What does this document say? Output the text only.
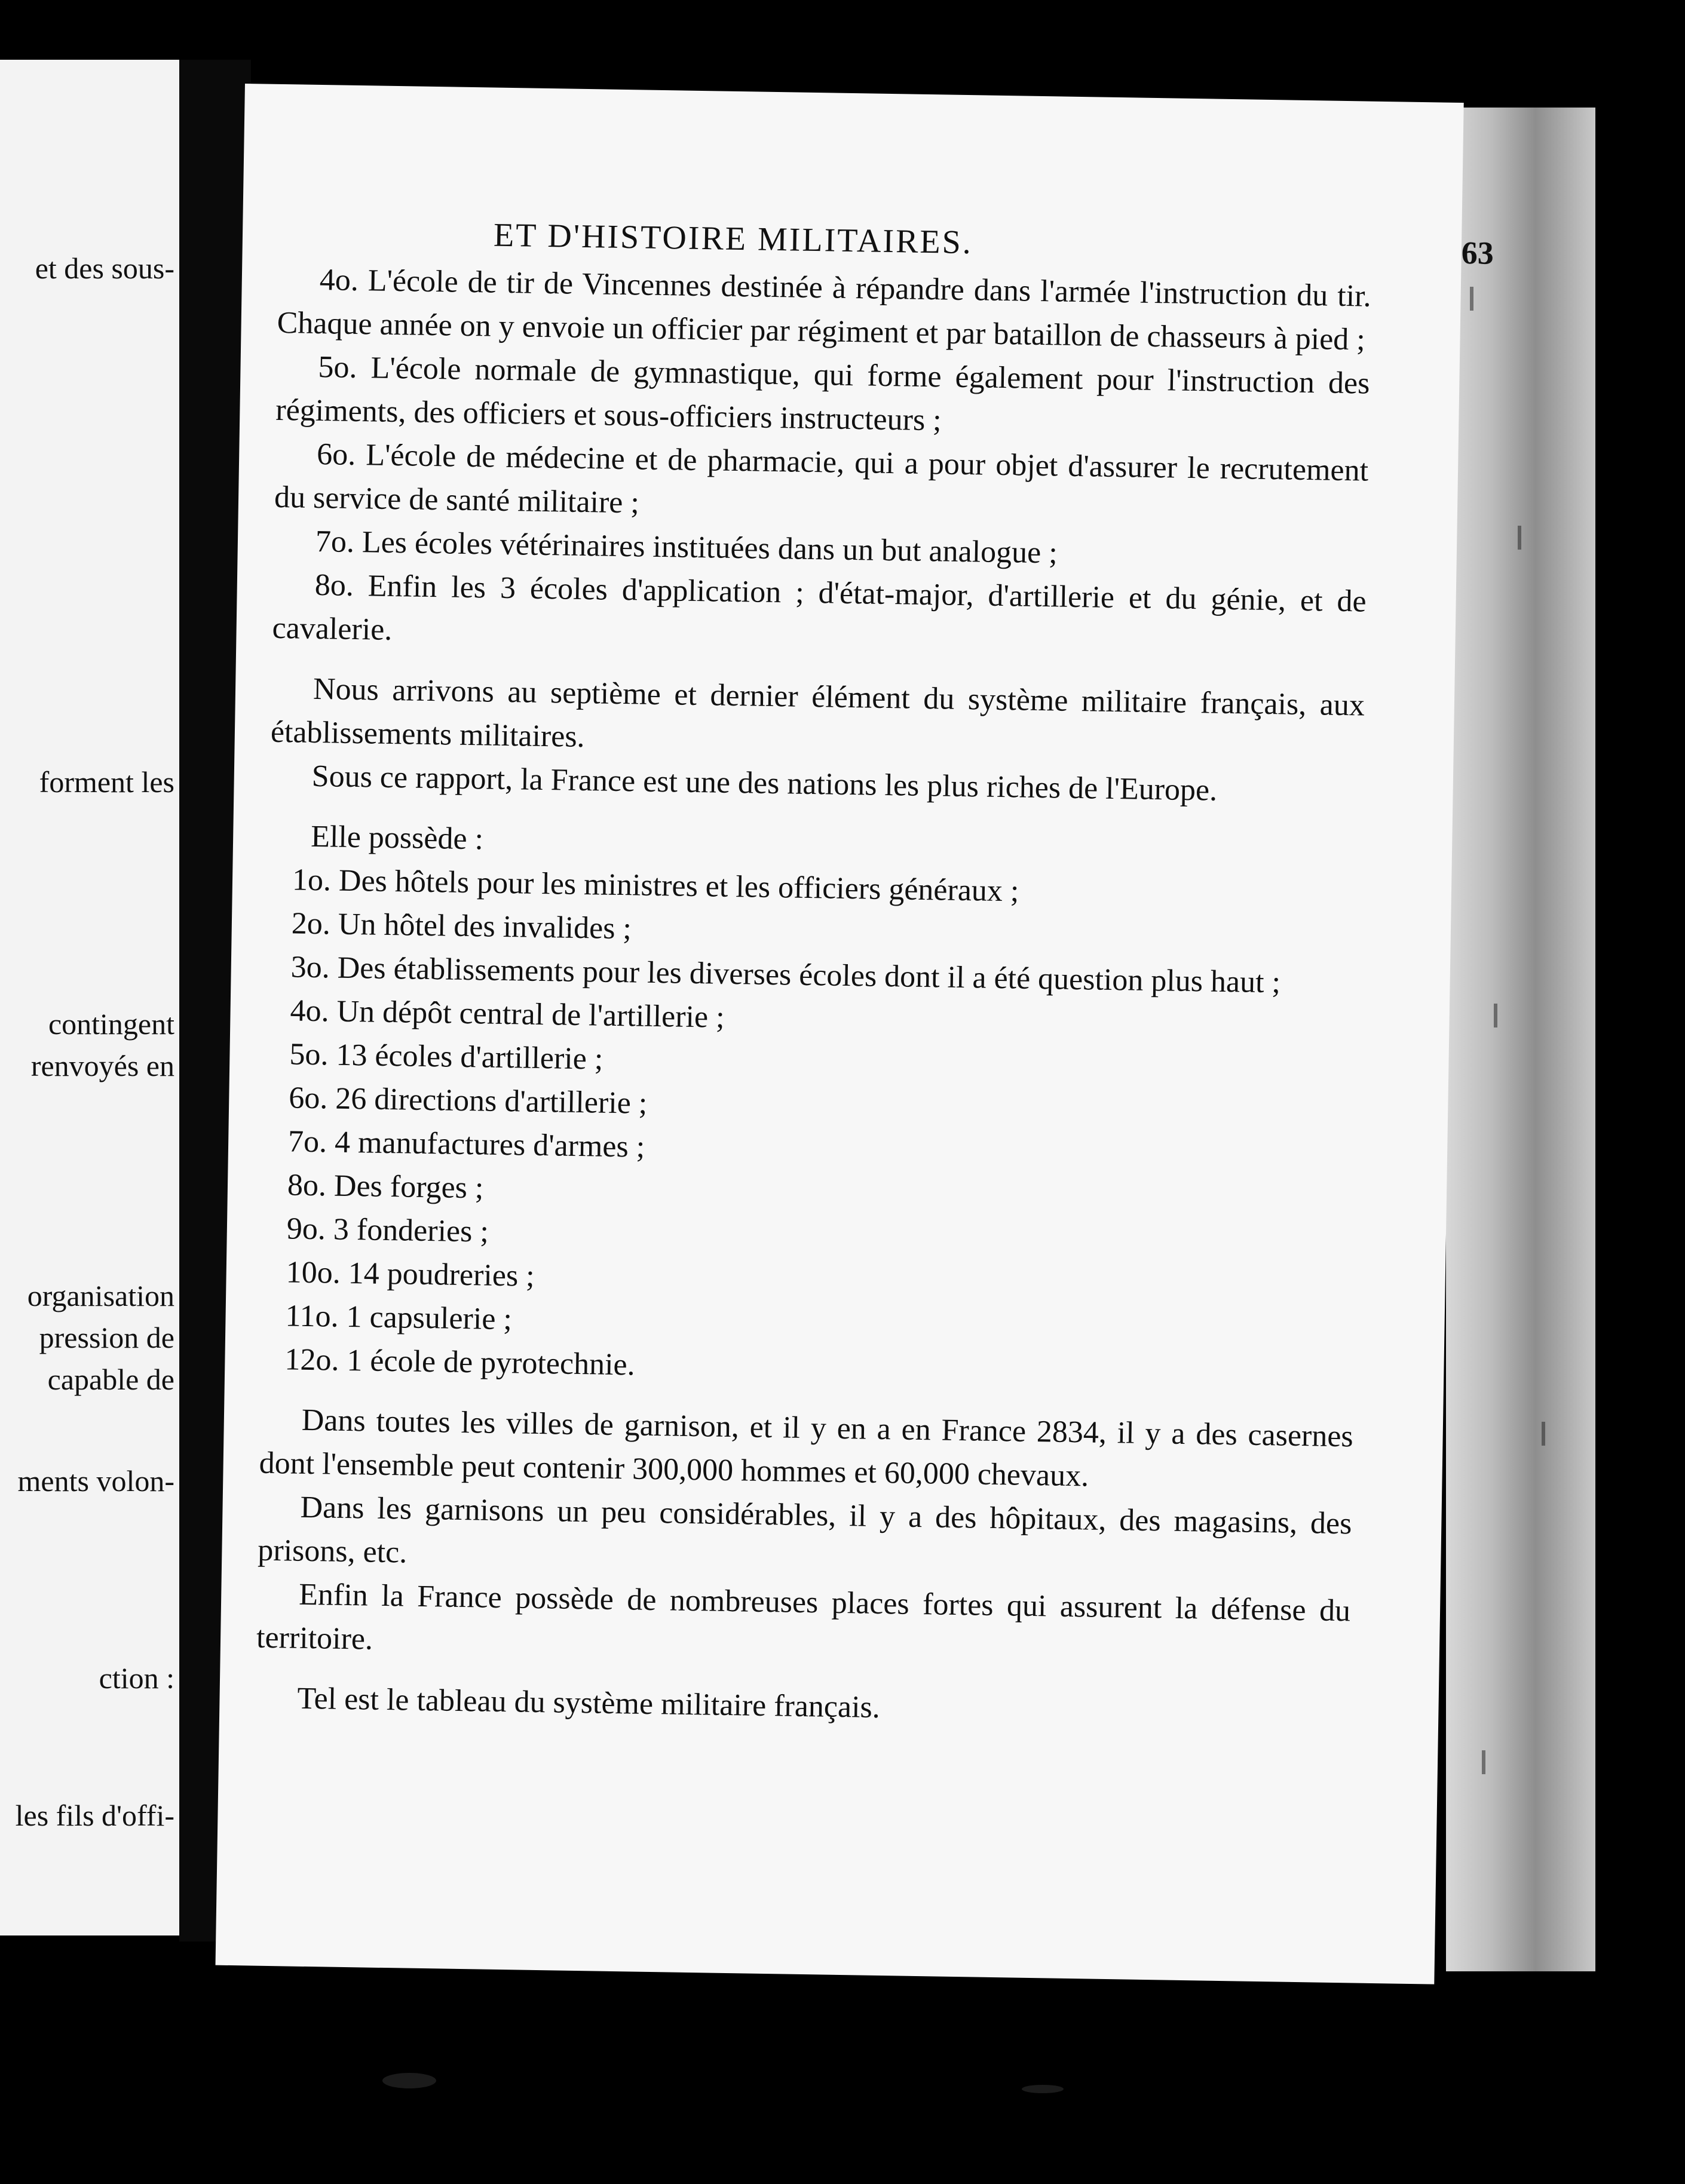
et des sous-
forment les
contingent
renvoyés en
organisation
pression de
capable de
ments volon-
ction :
les fils d'offi-
ET D'HISTOIRE MILITAIRES.	63

4o. L'école de tir de Vincennes destinée à répandre dans l'armée l'instruction du tir. Chaque année on y envoie un officier par régiment et par bataillon de chasseurs à pied ;

5o. L'école normale de gymnastique, qui forme également pour l'instruction des régiments, des officiers et sous-officiers instructeurs ;

6o. L'école de médecine et de pharmacie, qui a pour objet d'assurer le recrutement du service de santé militaire ;

7o. Les écoles vétérinaires instituées dans un but analogue ;

8o. Enfin les 3 écoles d'application ; d'état-major, d'artillerie et du génie, et de cavalerie.

Nous arrivons au septième et dernier élément du système militaire français, aux établissements militaires.

Sous ce rapport, la France est une des nations les plus riches de l'Europe.

Elle possède :

1o. Des hôtels pour les ministres et les officiers généraux ;

2o. Un hôtel des invalides ;

3o. Des établissements pour les diverses écoles dont il a été question plus haut ;

4o. Un dépôt central de l'artillerie ;

5o. 13 écoles d'artillerie ;

6o. 26 directions d'artillerie ;

7o. 4 manufactures d'armes ;

8o. Des forges ;

9o. 3 fonderies ;

10o. 14 poudreries ;

11o. 1 capsulerie ;

12o. 1 école de pyrotechnie.

Dans toutes les villes de garnison, et il y en a en France 2834, il y a des casernes dont l'ensemble peut contenir 300,000 hommes et 60,000 chevaux.

Dans les garnisons un peu considérables, il y a des hôpitaux, des magasins, des prisons, etc.

Enfin la France possède de nombreuses places fortes qui assurent la défense du territoire.

Tel est le tableau du système militaire français.
